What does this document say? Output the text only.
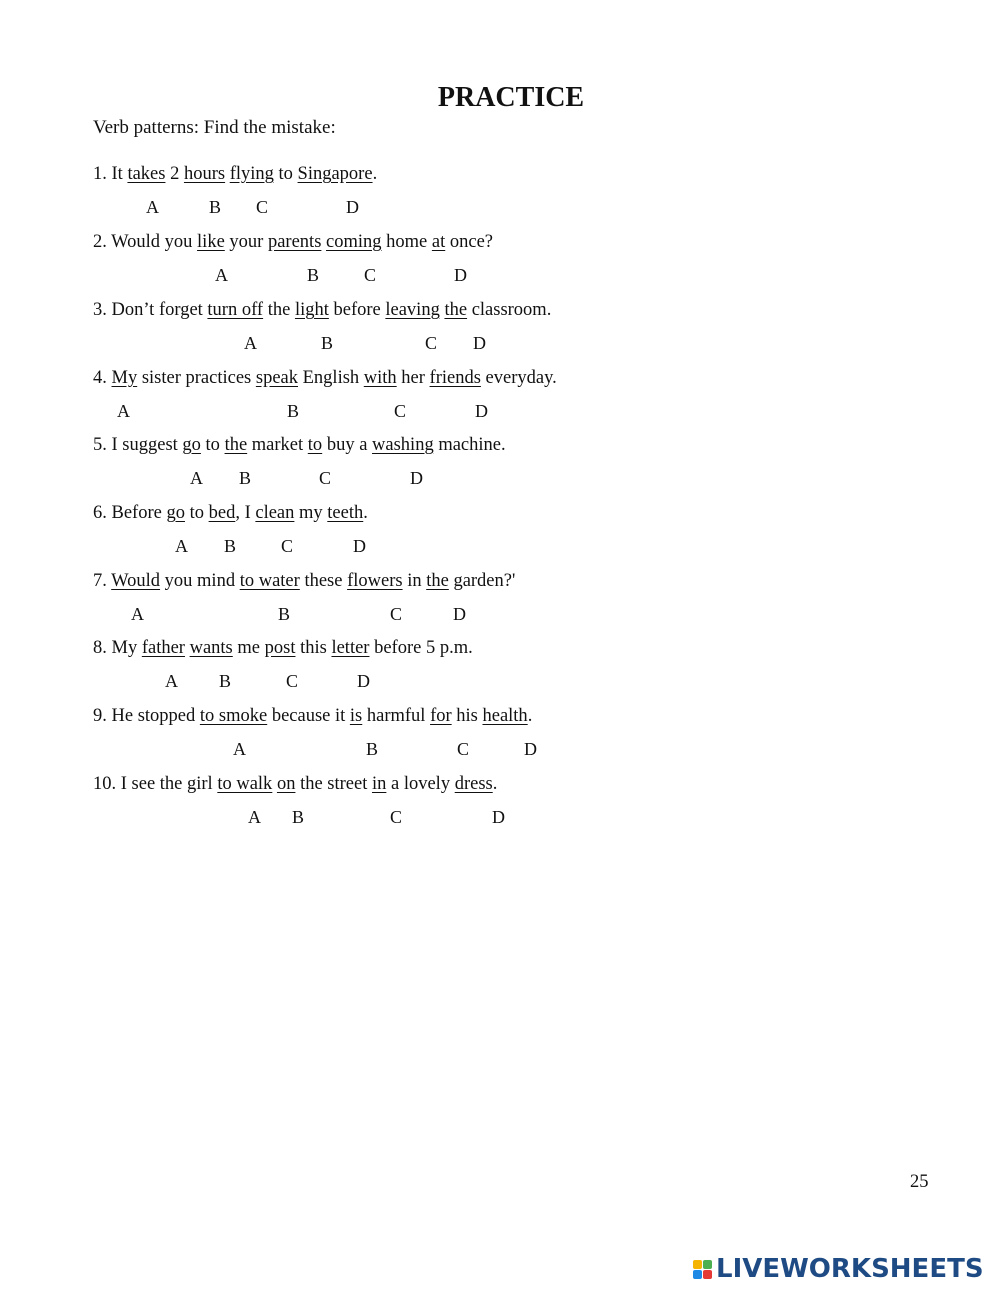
PRACTICE
Verb patterns: Find the mistake:
1. It takes 2 hours flying to Singapore.
A	B C	D
2. Would you like your parents coming home at once?
A	B C	D
3. Don’t forget turn off the light before leaving the classroom.
A	B	C D
4. My sister practices speak English with her friends everyday.
A	B	C	D
5. I suggest go to the market to buy a washing machine.
A B	C	D
6. Before go to bed, I clean my teeth.
A B C	D
7. Would you mind to water these flowers in the garden?'
A	B	C	D
8. My father wants me post this letter before 5 p.m.
A B	C	D
9. He stopped to smoke because it is harmful for his health.
A	B	C	D
10. I see the girl to walk on the street in a lovely dress.
A B	C	D
25
LIVEWORKSHEETS
